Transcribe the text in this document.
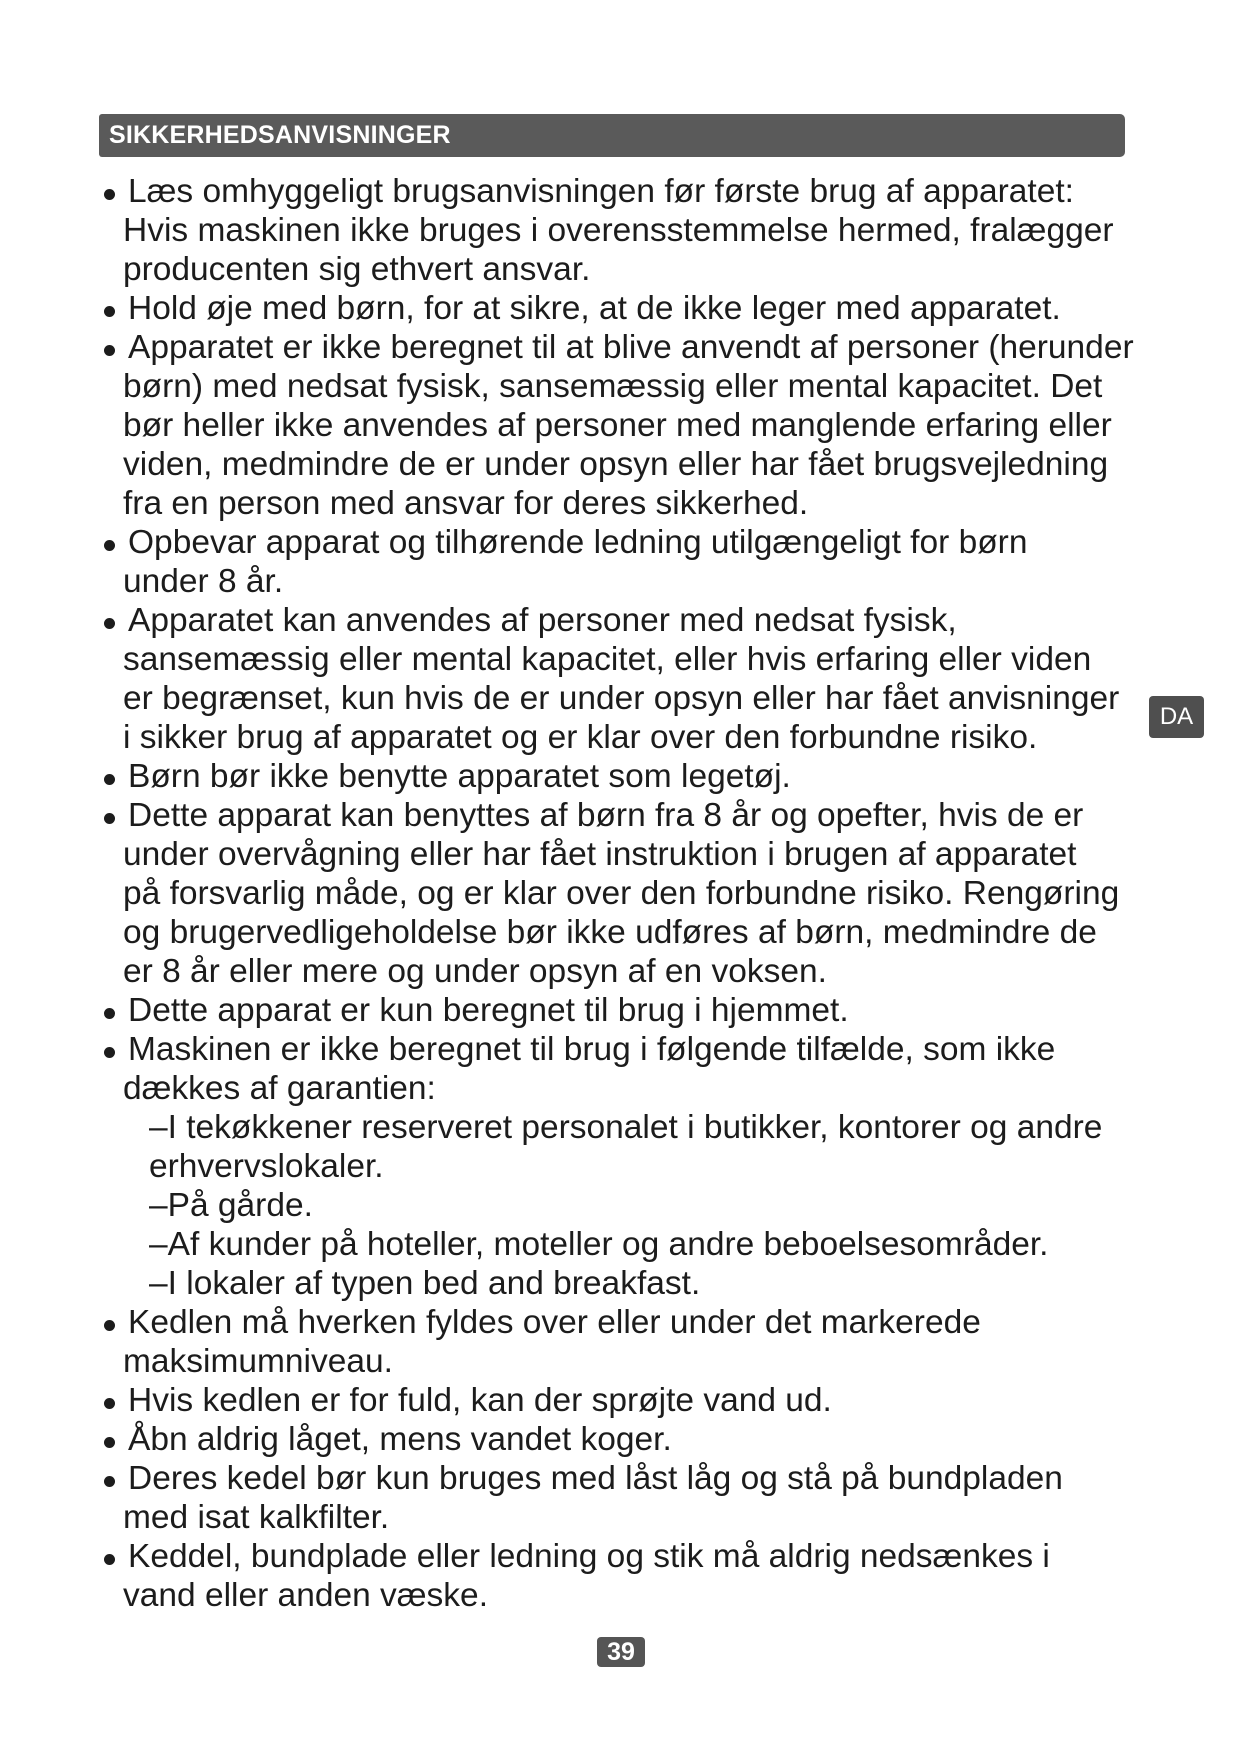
SIKKERHEDSANVISNINGER
Læs omhyggeligt brugsanvisningen før første brug af apparatet:
Hvis maskinen ikke bruges i overensstemmelse hermed, fralægger
producenten sig ethvert ansvar.
Hold øje med børn, for at sikre, at de ikke leger med apparatet.
Apparatet er ikke beregnet til at blive anvendt af personer (herunder
børn) med nedsat fysisk, sansemæssig eller mental kapacitet. Det
bør heller ikke anvendes af personer med manglende erfaring eller
viden, medmindre de er under opsyn eller har fået brugsvejledning
fra en person med ansvar for deres sikkerhed.
Opbevar apparat og tilhørende ledning utilgængeligt for børn
under 8 år.
Apparatet kan anvendes af personer med nedsat fysisk,
sansemæssig eller mental kapacitet, eller hvis erfaring eller viden
er begrænset, kun hvis de er under opsyn eller har fået anvisninger
i sikker brug af apparatet og er klar over den forbundne risiko.
Børn bør ikke benytte apparatet som legetøj.
Dette apparat kan benyttes af børn fra 8 år og opefter, hvis de er
under overvågning eller har fået instruktion i brugen af apparatet
på forsvarlig måde, og er klar over den forbundne risiko. Rengøring
og brugervedligeholdelse bør ikke udføres af børn, medmindre de
er 8 år eller mere og under opsyn af en voksen.
Dette apparat er kun beregnet til brug i hjemmet.
Maskinen er ikke beregnet til brug i følgende tilfælde, som ikke
dækkes af garantien:
–I tekøkkener reserveret personalet i butikker, kontorer og andre
erhvervslokaler.
–På gårde.
–Af kunder på hoteller, moteller og andre beboelsesområder.
–I lokaler af typen bed and breakfast.
Kedlen må hverken fyldes over eller under det markerede
maksimumniveau.
Hvis kedlen er for fuld, kan der sprøjte vand ud.
Åbn aldrig låget, mens vandet koger.
Deres kedel bør kun bruges med låst låg og stå på bundpladen
med isat kalkfilter.
Keddel, bundplade eller ledning og stik må aldrig nedsænkes i
vand eller anden væske.
DA
39
